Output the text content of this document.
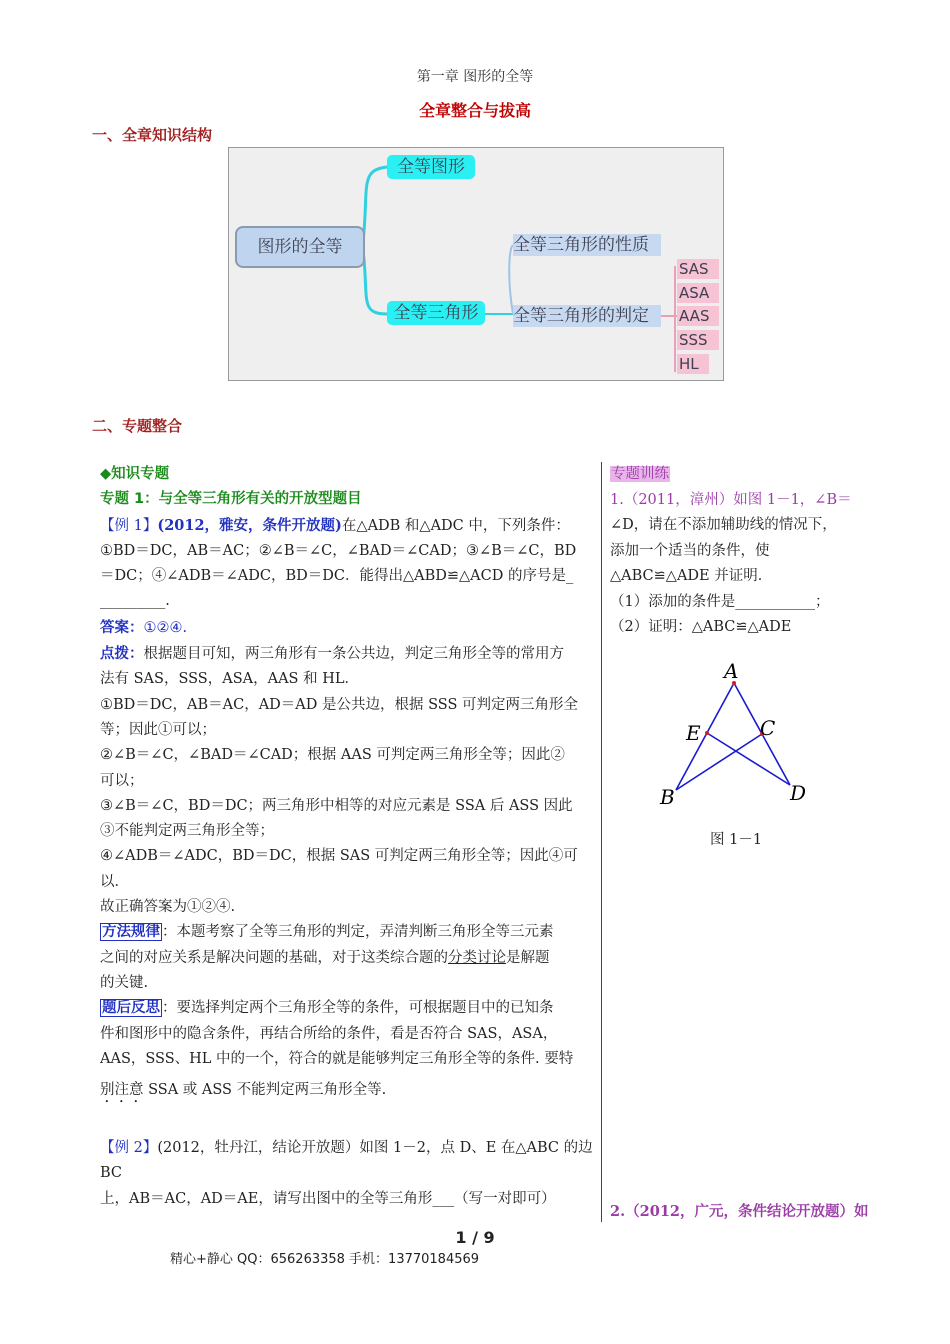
第一章 图形的全等
全章整合与拔高
一、全章知识结构
图形的全等
全等图形
全等三角形
全等三角形的性质
全等三角形的判定
SAS
ASA
AAS
SSS
HL
二、专题整合

◆知识专题

专题 1：与全等三角形有关的开放型题目

【例 1】(2012，雅安，条件开放题)在△ADB 和△ADC 中，下列条件：

①BD＝DC，AB＝AC；②∠B＝∠C，∠BAD＝∠CAD；③∠B＝∠C，BD

＝DC；④∠ADB＝∠ADC，BD＝DC．能得出△ABD≌△ACD 的序号是_

_________.

答案：①②④.

点拨：根据题目可知，两三角形有一条公共边，判定三角形全等的常用方

法有 SAS，SSS，ASA，AAS 和 HL．

①BD＝DC，AB＝AC，AD＝AD 是公共边，根据 SSS 可判定两三角形全

等；因此①可以；

②∠B＝∠C，∠BAD＝∠CAD；根据 AAS 可判定两三角形全等；因此②

可以；

③∠B＝∠C，BD＝DC；两三角形中相等的对应元素是 SSA 后 ASS 因此

③不能判定两三角形全等；

④∠ADB＝∠ADC，BD＝DC，根据 SAS 可判定两三角形全等；因此④可

以．

故正确答案为①②④.

方法规律 ：本题考察了全等三角形的判定，弄清判断三角形全等三元素

之间的对应关系是解决问题的基础，对于这类综合题的分类讨论是解题

的关键.

题后反思 ：要选择判定两个三角形全等的条件，可根据题目中的已知条

件和图形中的隐含条件，再结合所给的条件，看是否符合 SAS，ASA，

AAS，SSS、HL 中的一个，符合的就是能够判定三角形全等的条件. 要特

别注意 SSA 或 ASS 不能判定两三角形全等.

【例 2】(2012，牡丹江，结论开放题）如图 1－2，点 D、E 在△ABC 的边 BC

上，AB＝AC，AD＝AE，请写出图中的全等三角形___（写一对即可）

专题训练

1.（2011，漳州）如图 1－1，∠B＝

∠D，请在不添加辅助线的情况下，

添加一个适当的条件，使

△ABC≌△ADE 并证明．

（1）添加的条件是___________；

（2）证明：△ABC≌△ADE

A
E	C
B	D
图 1－1
2.（2012，广元，条件结论开放题）如
1 / 9
精心+静心 QQ：656263358 手机：13770184569
